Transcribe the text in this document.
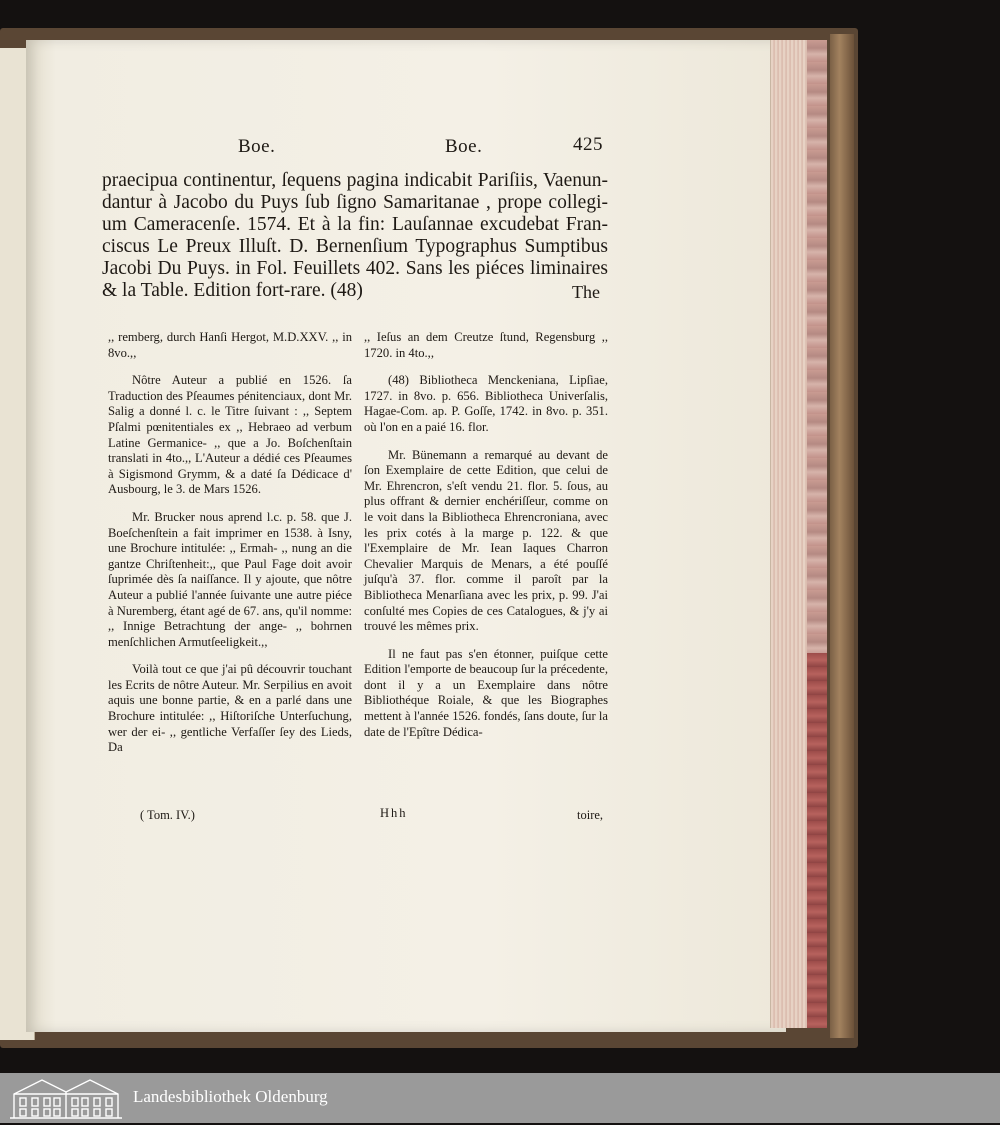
Boe.	Boe.	425
praecipua continentur, ſequens pagina indicabit Pariſiis, Vaenun-
dantur à Jacobo du Puys ſub ſigno Samaritanae , prope collegi-
um Cameracenſe. 1574. Et à la fin: Lauſannae excudebat Fran-
ciscus Le Preux Illuſt. D. Bernenſium Typographus Sumptibus
Jacobi Du Puys. in Fol. Feuillets 402. Sans les piéces liminaires
& la Table. Edition fort-rare. (48)	The

,, remberg, durch Hanſi Hergot, M.D.XXV. ,, in 8vo.,,

Nôtre Auteur a publié en 1526. ſa Traduction des Pſeaumes pénitenciaux, dont Mr. Salig a donné l. c. le Titre ſuivant : ,, Septem Pſalmi pœnitentiales ex ,, Hebraeo ad verbum Latine Germanice- ,, que a Jo. Boſchenſtain translati in 4to.,, L'Auteur a dédié ces Pſeaumes à Sigismond Grymm, & a daté ſa Dédicace d' Ausbourg, le 3. de Mars 1526.

Mr. Brucker nous aprend l.c. p. 58. que J. Boeſchenſtein a fait imprimer en 1538. à Isny, une Brochure intitulée: ,, Ermah- ,, nung an die gantze Chriſtenheit:,, que Paul Fage doit avoir ſuprimée dès ſa naiſſance. Il y ajoute, que nôtre Auteur a publié l'année ſuivante une autre piéce à Nuremberg, étant agé de 67. ans, qu'il nomme: ,, Innige Betrachtung der ange- ,, bohrnen menſchlichen Armutſeeligkeit.,,

Voilà tout ce que j'ai pû découvrir touchant les Ecrits de nôtre Auteur. Mr. Serpilius en avoit aquis une bonne partie, & en a parlé dans une Brochure intitulée: ,, Hiſtoriſche Unterſuchung, wer der ei- ,, gentliche Verfaſſer ſey des Lieds, Da

,, Ieſus an dem Creutze ſtund, Regensburg ,, 1720. in 4to.,,

(48) Bibliotheca Menckeniana, Lipſiae, 1727. in 8vo. p. 656. Bibliotheca Univerſalis, Hagae-Com. ap. P. Goſſe, 1742. in 8vo. p. 351. où l'on en a paié 16. flor.

Mr. Bünemann a remarqué au devant de ſon Exemplaire de cette Edition, que celui de Mr. Ehrencron, s'eſt vendu 21. flor. 5. ſous, au plus offrant & dernier enchériſſeur, comme on le voit dans la Bibliotheca Ehrencroniana, avec les prix cotés à la marge p. 122. & que l'Exemplaire de Mr. Iean Iaques Charron Chevalier Marquis de Menars, a été pouſſé juſqu'à 37. flor. comme il paroît par la Bibliotheca Menarſiana avec les prix, p. 99. J'ai conſulté mes Copies de ces Catalogues, & j'y ai trouvé les mêmes prix.

Il ne faut pas s'en étonner, puiſque cette Edition l'emporte de beaucoup ſur la précedente, dont il y a un Exemplaire dans nôtre Bibliothéque Roiale, & que les Biographes mettent à l'année 1526. fondés, ſans doute, ſur la date de l'Epître Dédica-

( Tom. IV.)	Hhh	toire,
Landesbibliothek Oldenburg
